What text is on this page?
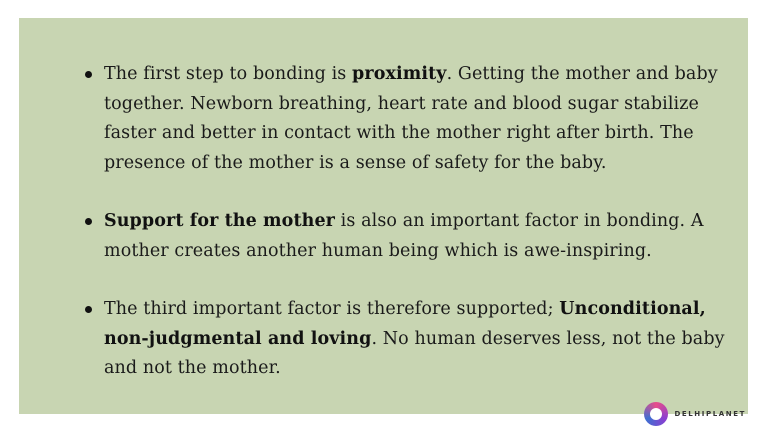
The first step to bonding is proximity. Getting the mother and baby together. Newborn breathing, heart rate and blood sugar stabilize faster and better in contact with the mother right after birth. The presence of the mother is a sense of safety for the baby.
Support for the mother is also an important factor in bonding. A mother creates another human being which is awe-inspiring.
The third important factor is therefore supported; Unconditional, non-judgmental and loving. No human deserves less, not the baby and not the mother.
DELHIPLANET
